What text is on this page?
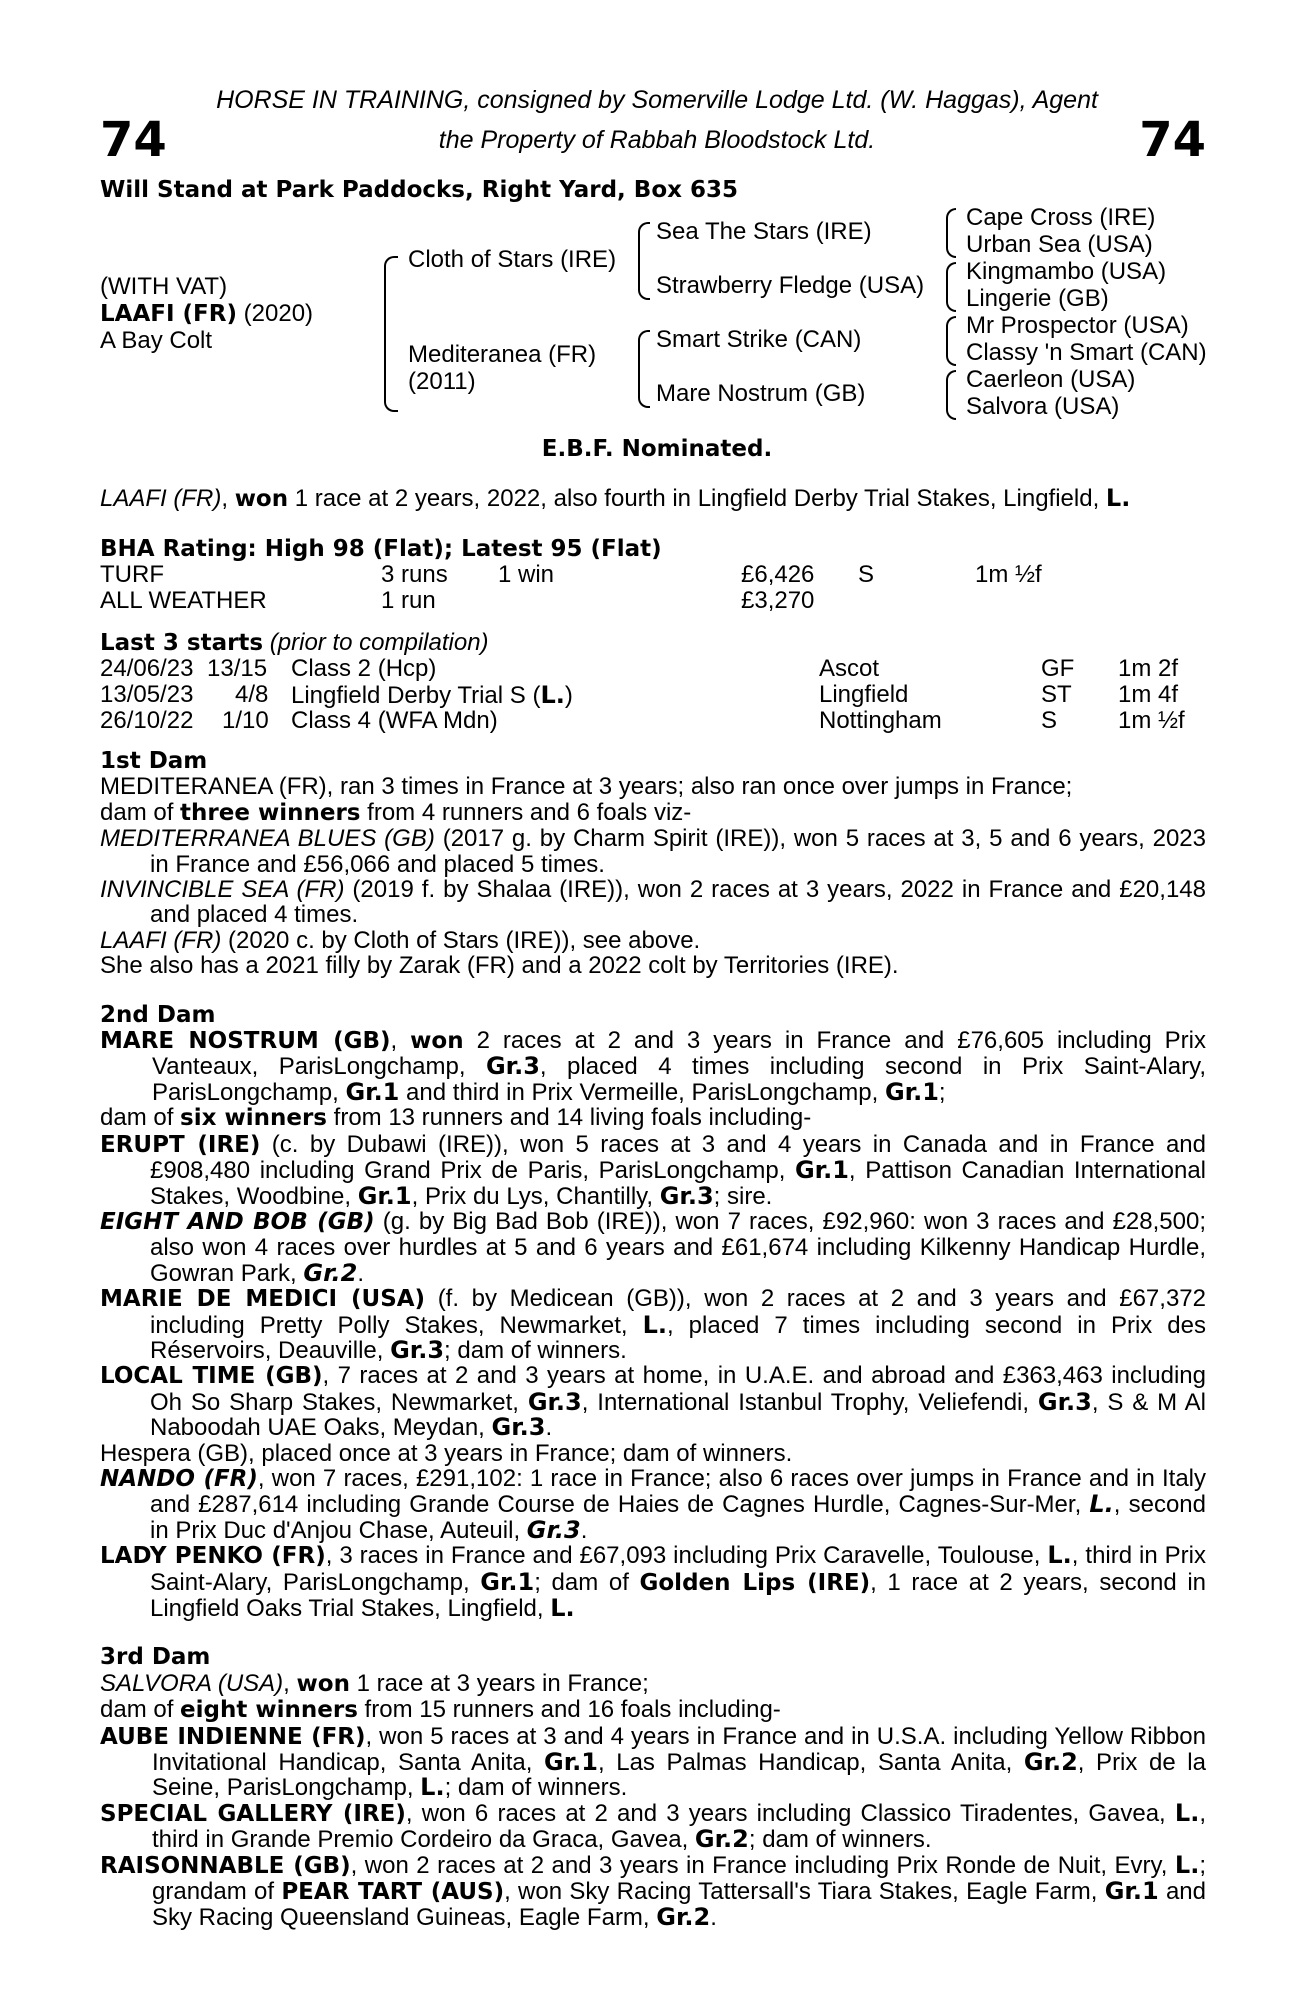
74	74
HORSE IN TRAINING, consigned by Somerville Lodge Ltd. (W. Haggas), Agent
the Property of Rabbah Bloodstock Ltd.
Will Stand at Park Paddocks, Right Yard, Box 635
(WITH VAT)
LAAFI (FR) (2020)
A Bay Colt
Cloth of Stars (IRE)
Mediteranea (FR)
(2011)
Sea The Stars (IRE)
Strawberry Fledge (USA)
Smart Strike (CAN)
Mare Nostrum (GB)
Cape Cross (IRE)
Urban Sea (USA)
Kingmambo (USA)
Lingerie (GB)
Mr Prospector (USA)
Classy 'n Smart (CAN)
Caerleon (USA)
Salvora (USA)
E.B.F. Nominated.
LAAFI (FR), won 1 race at 2 years, 2022, also fourth in Lingfield Derby Trial Stakes, Lingfield, L.
BHA Rating: High 98 (Flat); Latest 95 (Flat)
TURF	3 runs 1 win	£6,426 S	1m ½f
ALL WEATHER	1 run	£3,270
Last 3 starts (prior to compilation)
24/06/23 13/15 Class 2 (Hcp)	Ascot	GF 1m 2f
13/05/23 4/8 Lingfield Derby Trial S (L.)	Lingfield	ST 1m 4f
26/10/22 1/10 Class 4 (WFA Mdn)	Nottingham	S	1m ½f

1st Dam

MEDITERANEA (FR), ran 3 times in France at 3 years; also ran once over jumps in France;

dam of three winners from 4 runners and 6 foals viz-

MEDITERRANEA BLUES (GB) (2017 g. by Charm Spirit (IRE)), won 5 races at 3, 5 and 6 years, 2023 in France and £56,066 and placed 5 times.

INVINCIBLE SEA (FR) (2019 f. by Shalaa (IRE)), won 2 races at 3 years, 2022 in France and £20,148 and placed 4 times.

LAAFI (FR) (2020 c. by Cloth of Stars (IRE)), see above.

She also has a 2021 filly by Zarak (FR) and a 2022 colt by Territories (IRE).

2nd Dam

MARE NOSTRUM (GB), won 2 races at 2 and 3 years in France and £76,605 including Prix Vanteaux, ParisLongchamp, Gr.3, placed 4 times including second in Prix Saint-Alary, ParisLongchamp, Gr.1 and third in Prix Vermeille, ParisLongchamp, Gr.1;

dam of six winners from 13 runners and 14 living foals including-

ERUPT (IRE) (c. by Dubawi (IRE)), won 5 races at 3 and 4 years in Canada and in France and £908,480 including Grand Prix de Paris, ParisLongchamp, Gr.1, Pattison Canadian International Stakes, Woodbine, Gr.1, Prix du Lys, Chantilly, Gr.3; sire.

EIGHT AND BOB (GB) (g. by Big Bad Bob (IRE)), won 7 races, £92,960: won 3 races and £28,500; also won 4 races over hurdles at 5 and 6 years and £61,674 including Kilkenny Handicap Hurdle, Gowran Park, Gr.2.

MARIE DE MEDICI (USA) (f. by Medicean (GB)), won 2 races at 2 and 3 years and £67,372 including Pretty Polly Stakes, Newmarket, L., placed 7 times including second in Prix des Réservoirs, Deauville, Gr.3; dam of winners.

LOCAL TIME (GB), 7 races at 2 and 3 years at home, in U.A.E. and abroad and £363,463 including Oh So Sharp Stakes, Newmarket, Gr.3, International Istanbul Trophy, Veliefendi, Gr.3, S & M Al Naboodah UAE Oaks, Meydan, Gr.3.

Hespera (GB), placed once at 3 years in France; dam of winners.

NANDO (FR), won 7 races, £291,102: 1 race in France; also 6 races over jumps in France and in Italy and £287,614 including Grande Course de Haies de Cagnes Hurdle, Cagnes-Sur-Mer, L., second in Prix Duc d'Anjou Chase, Auteuil, Gr.3.

LADY PENKO (FR), 3 races in France and £67,093 including Prix Caravelle, Toulouse, L., third in Prix Saint-Alary, ParisLongchamp, Gr.1; dam of Golden Lips (IRE), 1 race at 2 years, second in Lingfield Oaks Trial Stakes, Lingfield, L.

3rd Dam

SALVORA (USA), won 1 race at 3 years in France;

dam of eight winners from 15 runners and 16 foals including-

AUBE INDIENNE (FR), won 5 races at 3 and 4 years in France and in U.S.A. including Yellow Ribbon Invitational Handicap, Santa Anita, Gr.1, Las Palmas Handicap, Santa Anita, Gr.2, Prix de la Seine, ParisLongchamp, L.; dam of winners.

SPECIAL GALLERY (IRE), won 6 races at 2 and 3 years including Classico Tiradentes, Gavea, L., third in Grande Premio Cordeiro da Graca, Gavea, Gr.2; dam of winners.

RAISONNABLE (GB), won 2 races at 2 and 3 years in France including Prix Ronde de Nuit, Evry, L.; grandam of PEAR TART (AUS), won Sky Racing Tattersall's Tiara Stakes, Eagle Farm, Gr.1 and Sky Racing Queensland Guineas, Eagle Farm, Gr.2.
